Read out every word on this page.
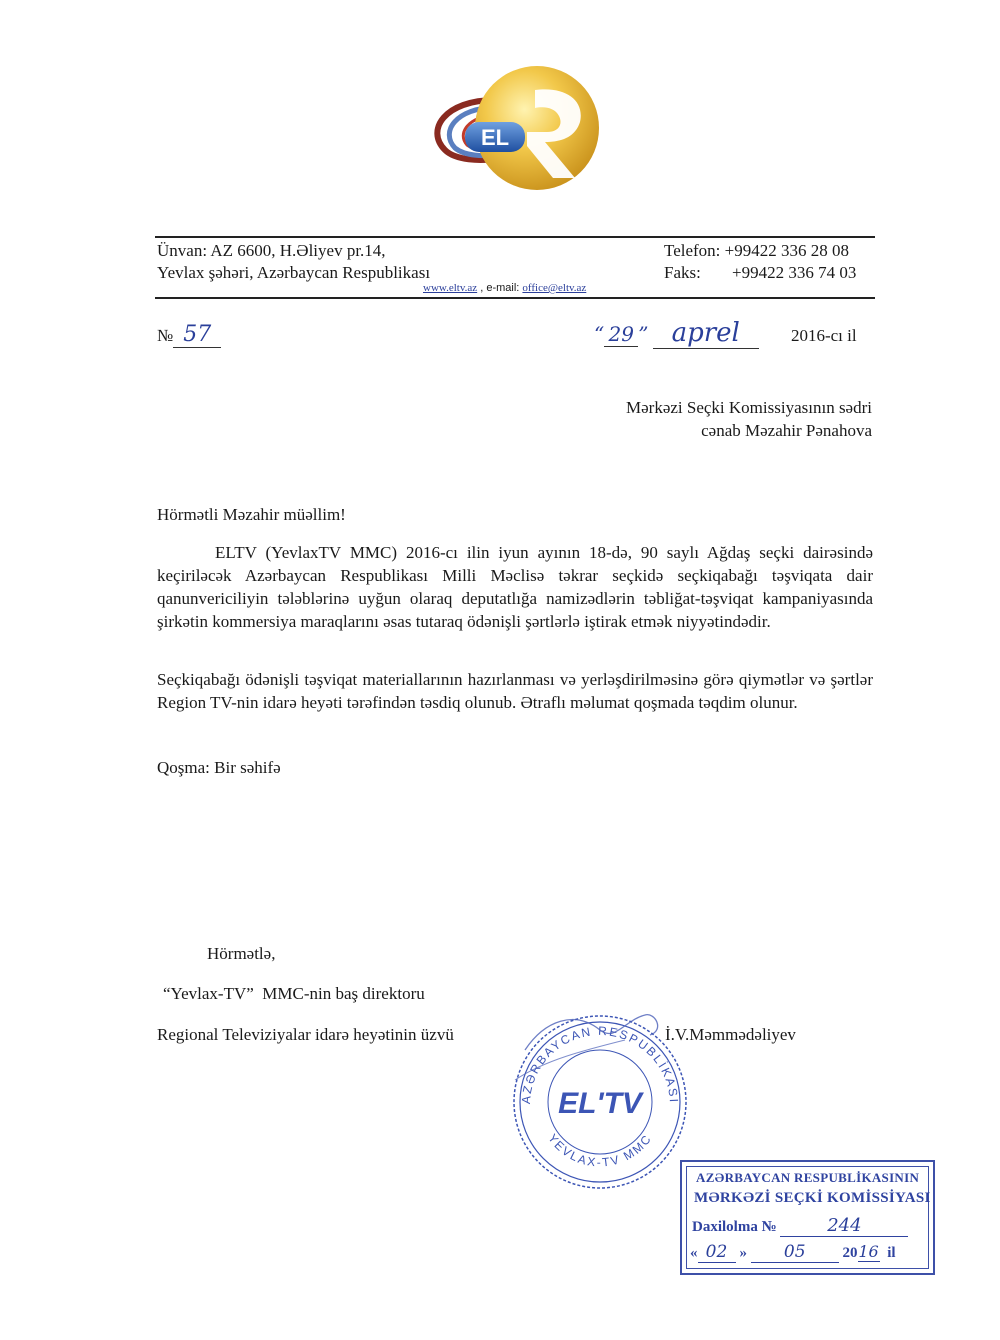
EL
Ünvan: AZ 6600, H.Əliyev pr.14,
Yevlax şəhəri, Azərbaycan Respublikası
Telefon: +99422 336 28 08
Faks: +99422 336 74 03
www.eltv.az , e-mail: office@eltv.az
№ 57	“ 29 ” aprel	2016-cı il
Mərkəzi Seçki Komissiyasının sədri
cənab Məzahir Pənahova
Hörmətli Məzahir müəllim!
ELTV (YevlaxTV MMC) 2016-cı ilin iyun ayının 18-də, 90 saylı Ağdaş seçki dairəsində keçiriləcək Azərbaycan Respublikası Milli Məclisə təkrar seçkidə seçkiqabağı təşviqata dair qanunvericiliyin tələblərinə uyğun olaraq deputatlığa namizədlərin təbliğat-təşviqat kampaniyasında şirkətin kommersiya maraqlarını əsas tutaraq ödənişli şərtlərlə iştirak etmək niyyətindədir.
Seçkiqabağı ödənişli təşviqat materiallarının hazırlanması və yerləşdirilməsinə görə qiymətlər və şərtlər Region TV-nin idarə heyəti tərəfindən təsdiq olunub. Ətraflı məlumat qoşmada təqdim olunur.
Qoşma: Bir səhifə
Hörmətlə,
“Yevlax-TV”  MMC-nin baş direktoru
Regional Televiziyalar idarə heyətinin üzvü	İ.V.Məmmədəliyev
AZƏRBAYCAN RESPUBLİKASI
YEVLAX-TV MMC
EL'TV
AZƏRBAYCAN RESPUBLİKASININ
MƏRKƏZİ SEÇKİ KOMİSSİYASI
Daxilolma №	244
« 02 » 05 2016 il
